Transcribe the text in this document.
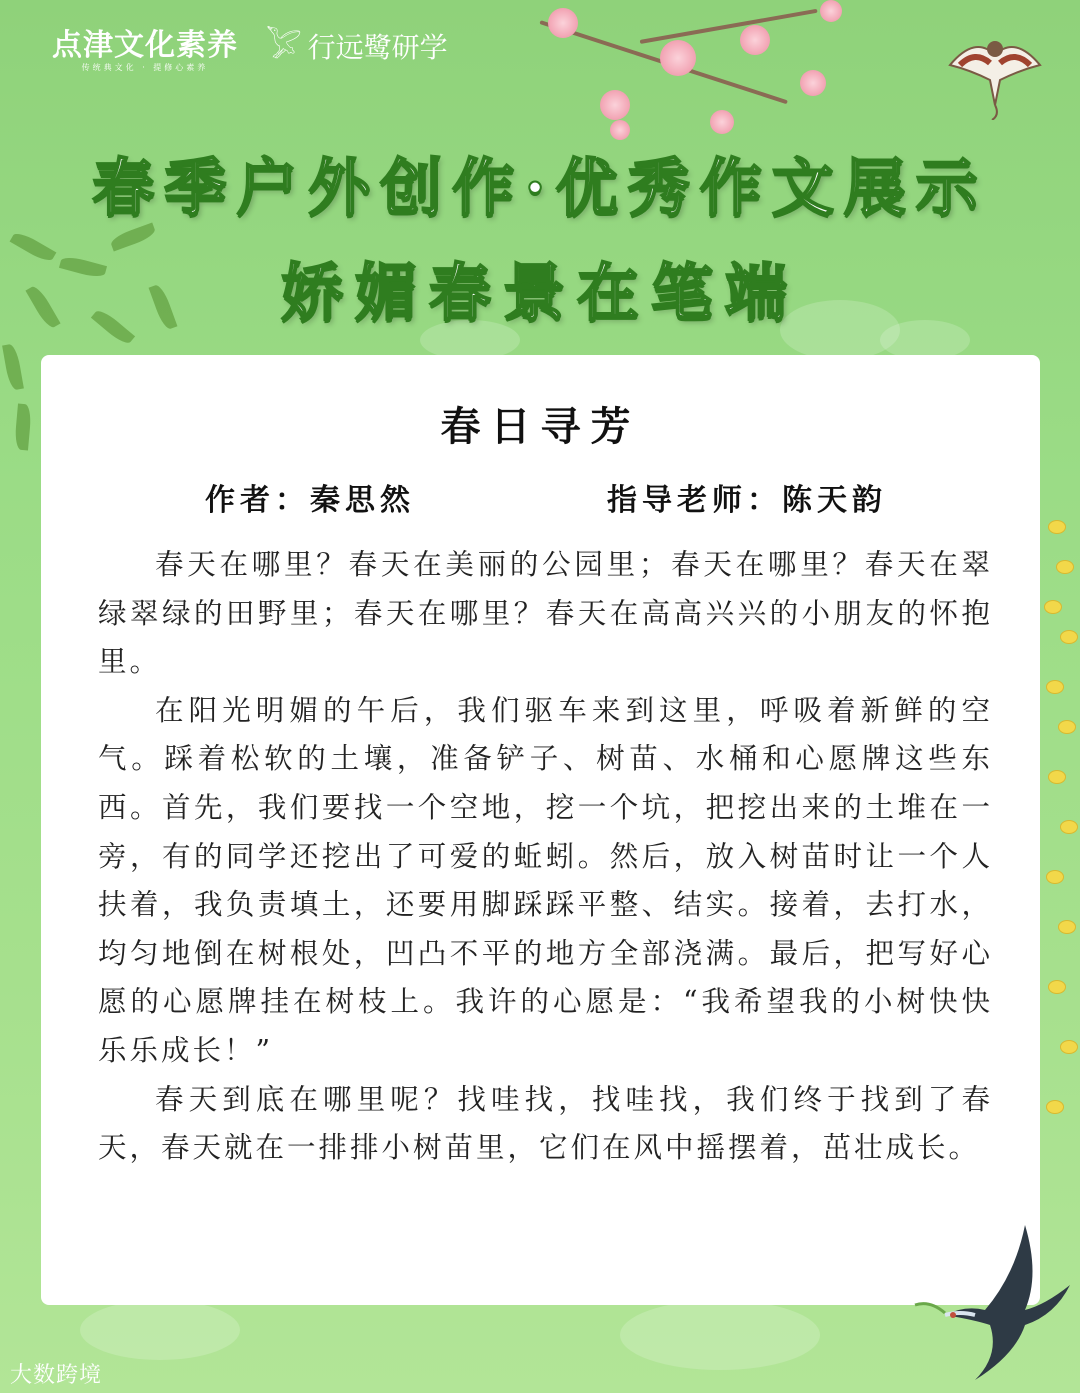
点津文化素养
传统典文化 · 提修心素养
𓅯 行远鹭研学
春季户外创作·优秀作文展示
娇媚春景在笔端
春日寻芳
作者：秦思然	指导老师：陈天韵

春天在哪里？春天在美丽的公园里；春天在哪里？春天在翠绿翠绿的田野里；春天在哪里？春天在高高兴兴的小朋友的怀抱里。

在阳光明媚的午后，我们驱车来到这里，呼吸着新鲜的空气。踩着松软的土壤，准备铲子、树苗、水桶和心愿牌这些东西。首先，我们要找一个空地，挖一个坑，把挖出来的土堆在一旁，有的同学还挖出了可爱的蚯蚓。然后，放入树苗时让一个人扶着，我负责填土，还要用脚踩踩平整、结实。接着，去打水，均匀地倒在树根处，凹凸不平的地方全部浇满。最后，把写好心愿的心愿牌挂在树枝上。我许的心愿是：“我希望我的小树快快乐乐成长！”

春天到底在哪里呢？找哇找，找哇找，我们终于找到了春天，春天就在一排排小树苗里，它们在风中摇摆着，茁壮成长。

大数跨境
